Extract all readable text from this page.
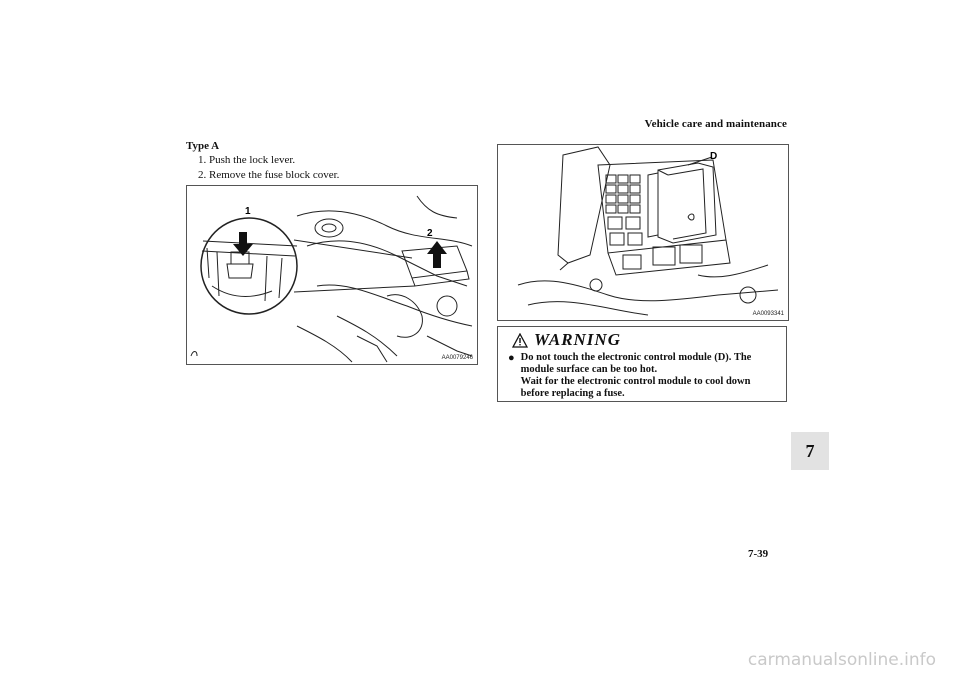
Vehicle care and maintenance
Type A
1. Push the lock lever.
2. Remove the fuse block cover.
1
2
AA0079246
D
AA0093341
WARNING
● Do not touch the electronic control module (D). The module surface can be too hot.

Wait for the electronic control module to cool down before replacing a fuse.

7
7-39
carmanualsonline.info
